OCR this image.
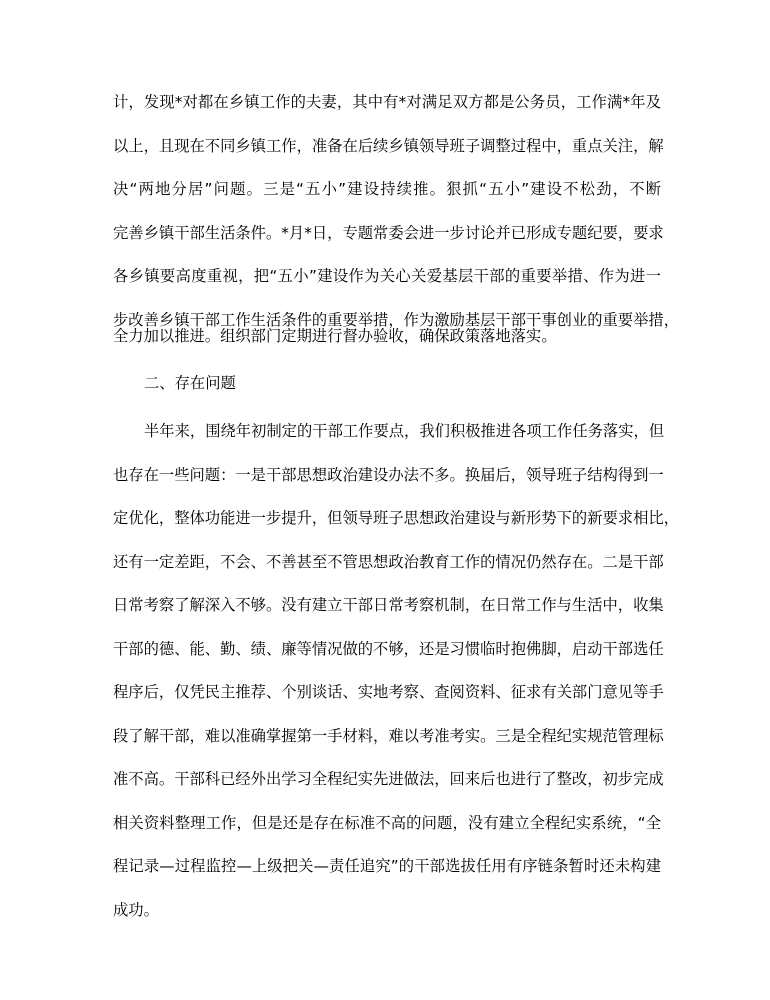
计，发现*对都在乡镇工作的夫妻，其中有*对满足双方都是公务员，工作满*年及
以上，且现在不同乡镇工作，准备在后续乡镇领导班子调整过程中，重点关注，解
决“两地分居”问题。三是“五小”建设持续推。狠抓“五小”建设不松劲，不断
完善乡镇干部生活条件。*月*日，专题常委会进一步讨论并已形成专题纪要，要求
各乡镇要高度重视，把“五小”建设作为关心关爱基层干部的重要举措、作为进一
步改善乡镇干部工作生活条件的重要举措，作为激励基层干部干事创业的重要举措，
全力加以推进。组织部门定期进行督办验收，确保政策落地落实。
二、存在问题
半年来，围绕年初制定的干部工作要点，我们积极推进各项工作任务落实，但
也存在一些问题：一是干部思想政治建设办法不多。换届后，领导班子结构得到一
定优化，整体功能进一步提升，但领导班子思想政治建设与新形势下的新要求相比，
还有一定差距，不会、不善甚至不管思想政治教育工作的情况仍然存在。二是干部
日常考察了解深入不够。没有建立干部日常考察机制，在日常工作与生活中，收集
干部的德、能、勤、绩、廉等情况做的不够，还是习惯临时抱佛脚，启动干部选任
程序后，仅凭民主推荐、个别谈话、实地考察、查阅资料、征求有关部门意见等手
段了解干部，难以准确掌握第一手材料，难以考准考实。三是全程纪实规范管理标
准不高。干部科已经外出学习全程纪实先进做法，回来后也进行了整改，初步完成
相关资料整理工作，但是还是存在标准不高的问题，没有建立全程纪实系统，“全
程记录—过程监控—上级把关—责任追究”的干部选拔任用有序链条暂时还未构建
成功。
